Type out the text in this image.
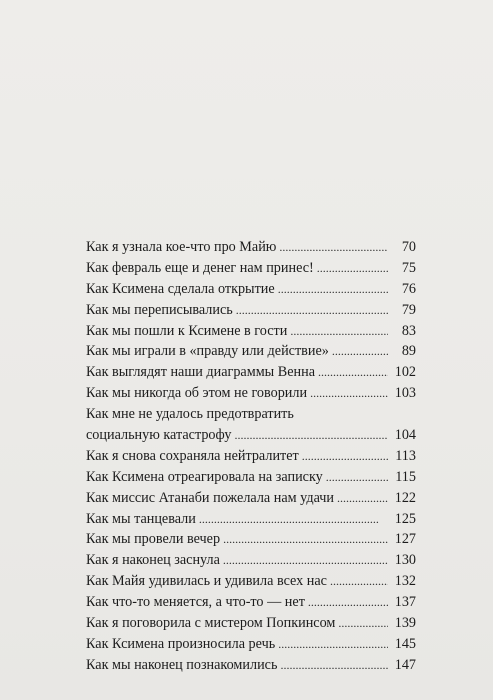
Как я узнала кое-что про Майю . . .	70
Как февраль еще и денег нам принес! . . .	75
Как Ксимена сделала открытие . . .	76
Как мы переписывались . . .	79
Как мы пошли к Ксимене в гости . . .	83
Как мы играли в «правду или действие» . . .	89
Как выглядят наши диаграммы Венна . . .	102
Как мы никогда об этом не говорили . . .	103
Как мне не удалось предотвратить
социальную катастрофу . . .	104
Как я снова сохраняла нейтралитет . . .	113
Как Ксимена отреагировала на записку . . .	115
Как миссис Атанаби пожелала нам удачи . . .	122
Как мы танцевали . . .	125
Как мы провели вечер . . .	127
Как я наконец заснула . . .	130
Как Майя удивилась и удивила всех нас . . .	132
Как что-то меняется, а что-то — нет . . .	137
Как я поговорила с мистером Попкинсом . . .	139
Как Ксимена произносила речь . . .	145
Как мы наконец познакомились . . .	147
